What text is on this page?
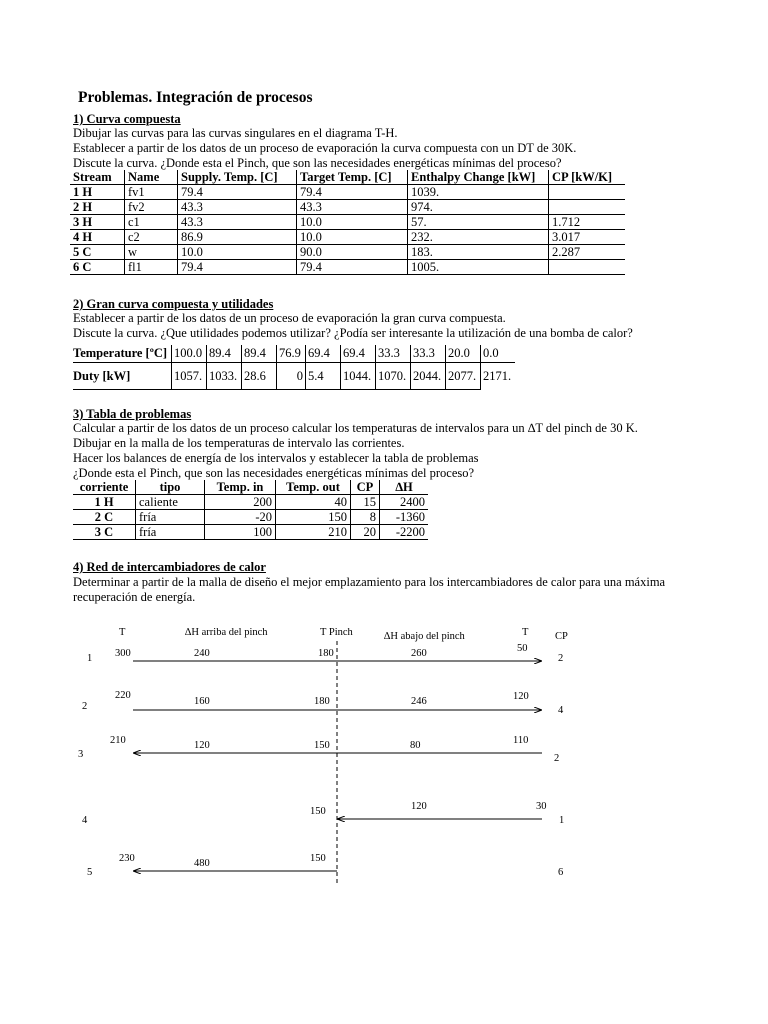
Problemas. Integración de procesos
1) Curva compuesta
Dibujar las curvas para las curvas singulares en el diagrama T-H.
Establecer a partir de los datos de un proceso de evaporación la curva compuesta con un DT de 30K.
Discute la curva. ¿Donde esta el Pinch, que son las necesidades energéticas mínimas del proceso?
Stream	Name	Supply. Temp. [C]	Target Temp. [C]	Enthalpy Change [kW]	CP [kW/K]
1 H	fv1	79.4	79.4	1039.	
2 H	fv2	43.3	43.3	974.	
3 H	c1	43.3	10.0	57.	1.712
4 H	c2	86.9	10.0	232.	3.017
5 C	w	10.0	90.0	183.	2.287
6 C	fl1	79.4	79.4	1005.	
2) Gran curva compuesta y utilidades
Establecer a partir de los datos de un proceso de evaporación la gran curva compuesta.
Discute la curva. ¿Que utilidades podemos utilizar? ¿Podía ser interesante la utilización de una bomba de calor?
Temperature [ºC]	100.0	89.4	89.4	76.9	69.4	69.4	33.3	33.3	20.0	0.0
Duty [kW]	1057.	1033.	28.6	0	5.4	1044.	1070.	2044.	2077.	2171.
3) Tabla de problemas
Calcular a partir de los datos de un proceso calcular los temperaturas de intervalos para un ∆T del pinch de 30 K.
Dibujar en la malla de los temperaturas de intervalo las corrientes.
Hacer los balances de energía de los intervalos y establecer la tabla de problemas
¿Donde esta el Pinch, que son las necesidades energéticas mínimas del proceso?
corriente	tipo	Temp. in	Temp. out	CP	∆H
1 H	caliente	200	40	15	2400
2 C	fría	-20	150	8	-1360
3 C	fría	100	210	20	-2200
4) Red de intercambiadores de calor
Determinar a partir de la malla de diseño el mejor emplazamiento para los intercambiadores de calor para una máxima recuperación de energía.
T	∆H arriba del pinch	T Pinch	∆H abajo del pinch	T	CP
1 300	240	180	260	50
2
2
220
160	180	246	120
4
3
210	120	150	80	110
2
4
150	120	30
1
5
230	480	150
6
